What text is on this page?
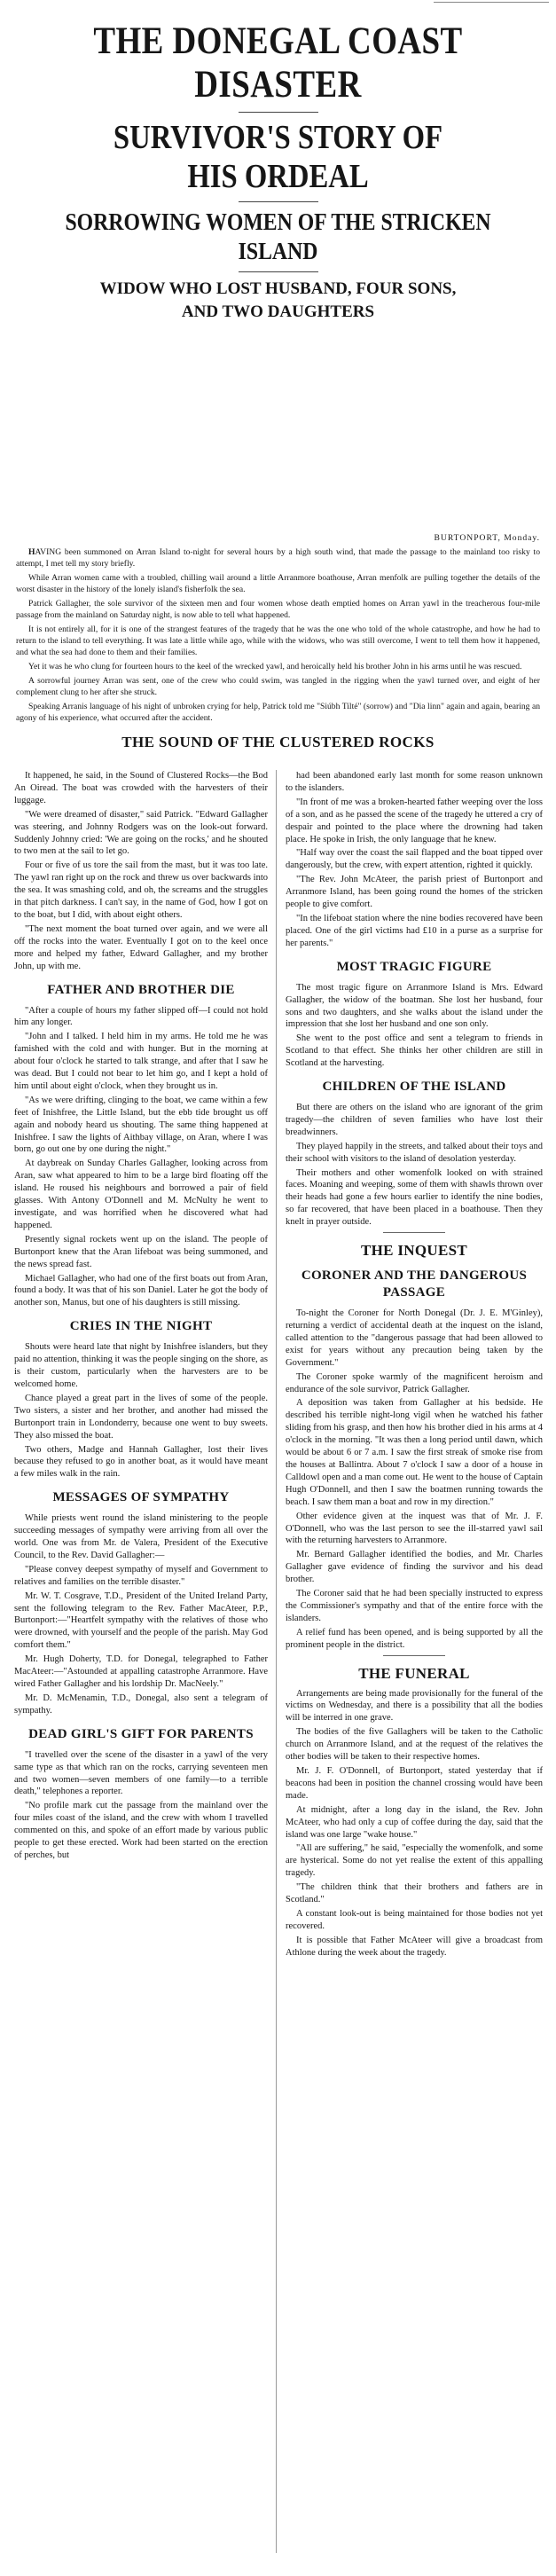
THE DONEGAL COAST

DISASTER

SURVIVOR'S STORY OF

HIS ORDEAL

SORROWING WOMEN OF THE STRICKEN

ISLAND

WIDOW WHO LOST HUSBAND, FOUR SONS,

AND TWO DAUGHTERS

BURTONPORT, Monday.

HAVING been summoned on Arran Island to-night for several hours by a high south wind, that made the passage to the mainland too risky to attempt, I met tell my story briefly.

While Arran women came with a troubled, chilling wail around a little Arranmore boathouse, Arran menfolk are pulling together the details of the worst disaster in the history of the lonely island's fisherfolk the sea.

Patrick Gallagher, the sole survivor of the sixteen men and four women whose death emptied homes on Arran yawl in the treacherous four-mile passage from the mainland on Saturday night, is now able to tell what happened.

It is not entirely all, for it is one of the strangest features of the tragedy that he was the one who told of the whole catastrophe, and how he had to return to the island to tell everything. It was late a little while ago, while with the widows, who was still overcome, I went to tell them how it happened, and what the sea had done to them and their families.

Yet it was he who clung for fourteen hours to the keel of the wrecked yawl, and heroically held his brother John in his arms until he was rescued.

A sorrowful journey Arran was sent, one of the crew who could swim, was tangled in the rigging when the yawl turned over, and eight of her complement clung to her after she struck.

Speaking Arranis language of his night of unbroken crying for help, Patrick told me "Siúbh Tilté" (sorrow) and "Dia linn" again and again, bearing an agony of his experience, what occurred after the accident.

THE SOUND OF THE CLUSTERED ROCKS

It happened, he said, in the Sound of Clustered Rocks—the Bod An Oiread. The boat was crowded with the harvesters of their luggage.

"We were dreamed of disaster," said Patrick. "Edward Gallagher was steering, and Johnny Rodgers was on the look-out forward. Suddenly Johnny cried: 'We are going on the rocks,' and he shouted to two men at the sail to let go.

Four or five of us tore the sail from the mast, but it was too late. The yawl ran right up on the rock and threw us over backwards into the sea. It was smashing cold, and oh, the screams and the struggles in that pitch darkness. I can't say, in the name of God, how I got on to the boat, but I did, with about eight others.

"The next moment the boat turned over again, and we were all off the rocks into the water. Eventually I got on to the keel once more and helped my father, Edward Gallagher, and my brother John, up with me.

FATHER AND BROTHER DIE

"After a couple of hours my father slipped off—I could not hold him any longer.

"John and I talked. I held him in my arms. He told me he was famished with the cold and with hunger. But in the morning at about four o'clock he started to talk strange, and after that I saw he was dead. But I could not bear to let him go, and I kept a hold of him until about eight o'clock, when they brought us in.

"As we were drifting, clinging to the boat, we came within a few feet of Inishfree, the Little Island, but the ebb tide brought us off again and nobody heard us shouting. The same thing happened at Inishfree. I saw the lights of Aithbay village, on Aran, where I was born, go out one by one during the night."

At daybreak on Sunday Charles Gallagher, looking across from Aran, saw what appeared to him to be a large bird floating off the island. He roused his neighbours and borrowed a pair of field glasses. With Antony O'Donnell and M. McNulty he went to investigate, and was horrified when he discovered what had happened.

Presently signal rockets went up on the island. The people of Burtonport knew that the Aran lifeboat was being summoned, and the news spread fast.

Michael Gallagher, who had one of the first boats out from Aran, found a body. It was that of his son Daniel. Later he got the body of another son, Manus, but one of his daughters is still missing.

CRIES IN THE NIGHT

Shouts were heard late that night by Inishfree islanders, but they paid no attention, thinking it was the people singing on the shore, as is their custom, particularly when the harvesters are to be welcomed home.

Chance played a great part in the lives of some of the people. Two sisters, a sister and her brother, and another had missed the Burtonport train in Londonderry, because one went to buy sweets. They also missed the boat.

Two others, Madge and Hannah Gallagher, lost their lives because they refused to go in another boat, as it would have meant a few miles walk in the rain.

MESSAGES OF SYMPATHY

While priests went round the island ministering to the people succeeding messages of sympathy were arriving from all over the world. One was from Mr. de Valera, President of the Executive Council, to the Rev. David Gallagher:—

"Please convey deepest sympathy of myself and Government to relatives and families on the terrible disaster."

Mr. W. T. Cosgrave, T.D., President of the United Ireland Party, sent the following telegram to the Rev. Father MacAteer, P.P., Burtonport:—"Heartfelt sympathy with the relatives of those who were drowned, with yourself and the people of the parish. May God comfort them."

Mr. Hugh Doherty, T.D. for Donegal, telegraphed to Father MacAteer:—"Astounded at appalling catastrophe Arranmore. Have wired Father Gallagher and his lordship Dr. MacNeely."

Mr. D. McMenamin, T.D., Donegal, also sent a telegram of sympathy.

DEAD GIRL'S GIFT FOR PARENTS

"I travelled over the scene of the disaster in a yawl of the very same type as that which ran on the rocks, carrying seventeen men and two women—seven members of one family—to a terrible death," telephones a reporter.

"No profile mark cut the passage from the mainland over the four miles coast of the island, and the crew with whom I travelled commented on this, and spoke of an effort made by various public people to get these erected. Work had been started on the erection of perches, but

had been abandoned early last month for some reason unknown to the islanders.

"In front of me was a broken-hearted father weeping over the loss of a son, and as he passed the scene of the tragedy he uttered a cry of despair and pointed to the place where the drowning had taken place. He spoke in Irish, the only language that he knew.

"Half way over the coast the sail flapped and the boat tipped over dangerously, but the crew, with expert attention, righted it quickly.

"The Rev. John McAteer, the parish priest of Burtonport and Arranmore Island, has been going round the homes of the stricken people to give comfort.

"In the lifeboat station where the nine bodies recovered have been placed. One of the girl victims had £10 in a purse as a surprise for her parents."

MOST TRAGIC FIGURE

The most tragic figure on Arranmore Island is Mrs. Edward Gallagher, the widow of the boatman. She lost her husband, four sons and two daughters, and she walks about the island under the impression that she lost her husband and one son only.

She went to the post office and sent a telegram to friends in Scotland to that effect. She thinks her other children are still in Scotland at the harvesting.

CHILDREN OF THE ISLAND

But there are others on the island who are ignorant of the grim tragedy—the children of seven families who have lost their breadwinners.

They played happily in the streets, and talked about their toys and their school with visitors to the island of desolation yesterday.

Their mothers and other womenfolk looked on with strained faces. Moaning and weeping, some of them with shawls thrown over their heads had gone a few hours earlier to identify the nine bodies, so far recovered, that have been placed in a boathouse. Then they knelt in prayer outside.

THE INQUEST
CORONER AND THE DANGEROUS PASSAGE

To-night the Coroner for North Donegal (Dr. J. E. M'Ginley), returning a verdict of accidental death at the inquest on the island, called attention to the "dangerous passage that had been allowed to exist for years without any precaution being taken by the Government."

The Coroner spoke warmly of the magnificent heroism and endurance of the sole survivor, Patrick Gallagher.

A deposition was taken from Gallagher at his bedside. He described his terrible night-long vigil when he watched his father sliding from his grasp, and then how his brother died in his arms at 4 o'clock in the morning. "It was then a long period until dawn, which would be about 6 or 7 a.m. I saw the first streak of smoke rise from the houses at Ballintra. About 7 o'clock I saw a door of a house in Calldowl open and a man come out. He went to the house of Captain Hugh O'Donnell, and then I saw the boatmen running towards the beach. I saw them man a boat and row in my direction."

Other evidence given at the inquest was that of Mr. J. F. O'Donnell, who was the last person to see the ill-starred yawl sail with the returning harvesters to Arranmore.

Mr. Bernard Gallagher identified the bodies, and Mr. Charles Gallagher gave evidence of finding the survivor and his dead brother.

The Coroner said that he had been specially instructed to express the Commissioner's sympathy and that of the entire force with the islanders.

A relief fund has been opened, and is being supported by all the prominent people in the district.

THE FUNERAL

Arrangements are being made provisionally for the funeral of the victims on Wednesday, and there is a possibility that all the bodies will be interred in one grave.

The bodies of the five Gallaghers will be taken to the Catholic church on Arranmore Island, and at the request of the relatives the other bodies will be taken to their respective homes.

Mr. J. F. O'Donnell, of Burtonport, stated yesterday that if beacons had been in position the channel crossing would have been made.

At midnight, after a long day in the island, the Rev. John McAteer, who had only a cup of coffee during the day, said that the island was one large "wake house."

"All are suffering," he said, "especially the womenfolk, and some are hysterical. Some do not yet realise the extent of this appalling tragedy.

"The children think that their brothers and fathers are in Scotland."

A constant look-out is being maintained for those bodies not yet recovered.

It is possible that Father McAteer will give a broadcast from Athlone during the week about the tragedy.
